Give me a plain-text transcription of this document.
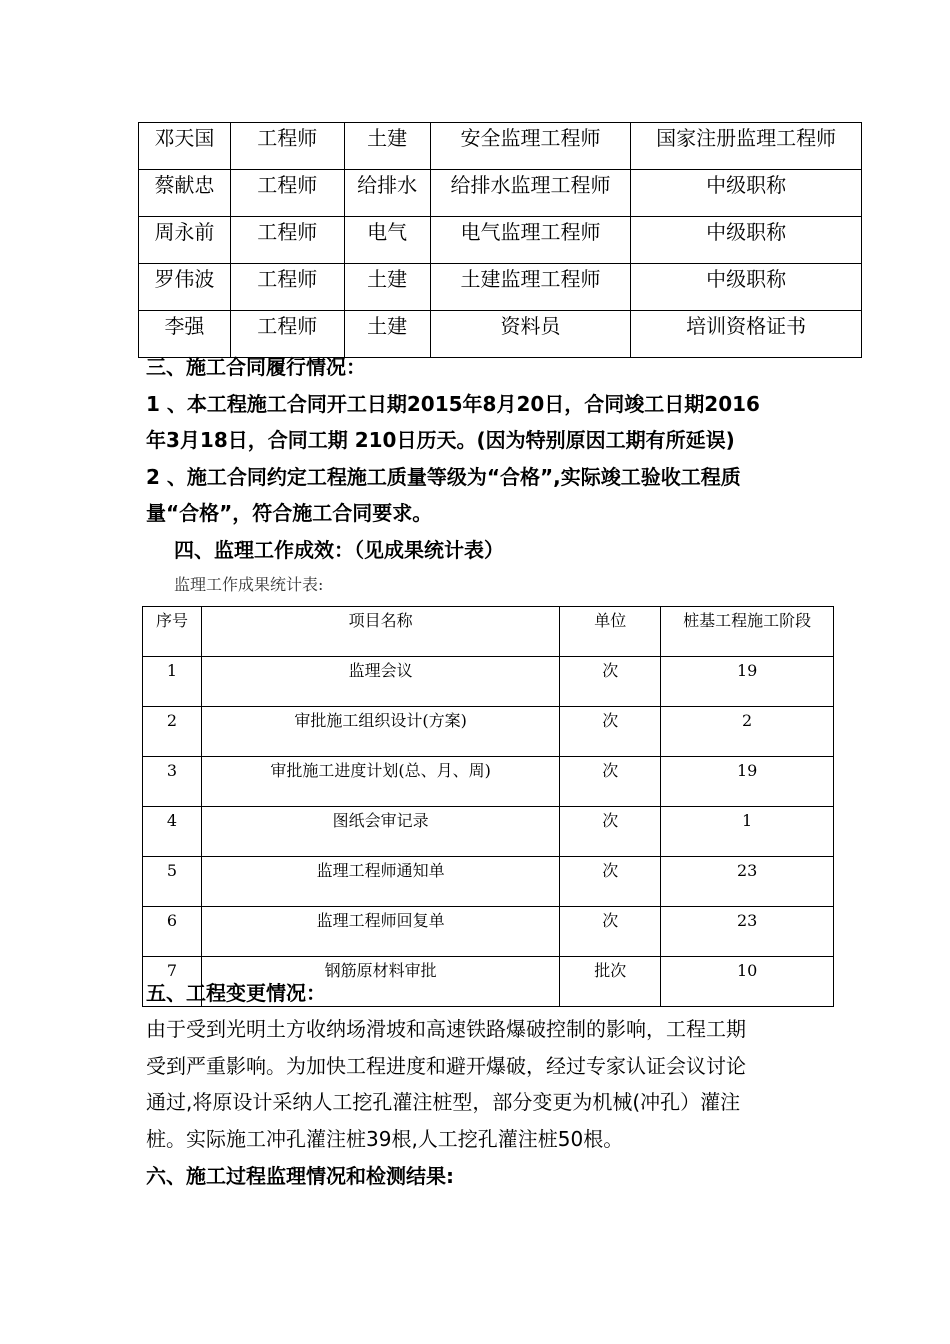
邓天国	工程师	土建	安全监理工程师	国家注册监理工程师
蔡献忠	工程师	给排水	给排水监理工程师	中级职称
周永前	工程师	电气	电气监理工程师	中级职称
罗伟波	工程师	土建	土建监理工程师	中级职称
李强	工程师	土建	资料员	培训资格证书
三、施工合同履行情况：
1 、本工程施工合同开工日期2015年8月20日，合同竣工日期2016
年3月18日，合同工期 210日历天。(因为特别原因工期有所延误)
2 、施工合同约定工程施工质量等级为“合格”,实际竣工验收工程质
量“合格”，符合施工合同要求。
四、监理工作成效：（见成果统计表）
监理工作成果统计表:
序号	项目名称	单位	桩基工程施工阶段
1	监理会议	次	19
2	审批施工组织设计(方案)	次	2
3	审批施工进度计划(总、月、周)	次	19
4	图纸会审记录	次	1
5	监理工程师通知单	次	23
6	监理工程师回复单	次	23
7	钢筋原材料审批	批次	10
五、工程变更情况：
由于受到光明土方收纳场滑坡和高速铁路爆破控制的影响，工程工期
受到严重影响。为加快工程进度和避开爆破，经过专家认证会议讨论
通过,将原设计采纳人工挖孔灌注桩型，部分变更为机械(冲孔）灌注
桩。实际施工冲孔灌注桩39根,人工挖孔灌注桩50根。
六、施工过程监理情况和检测结果:
